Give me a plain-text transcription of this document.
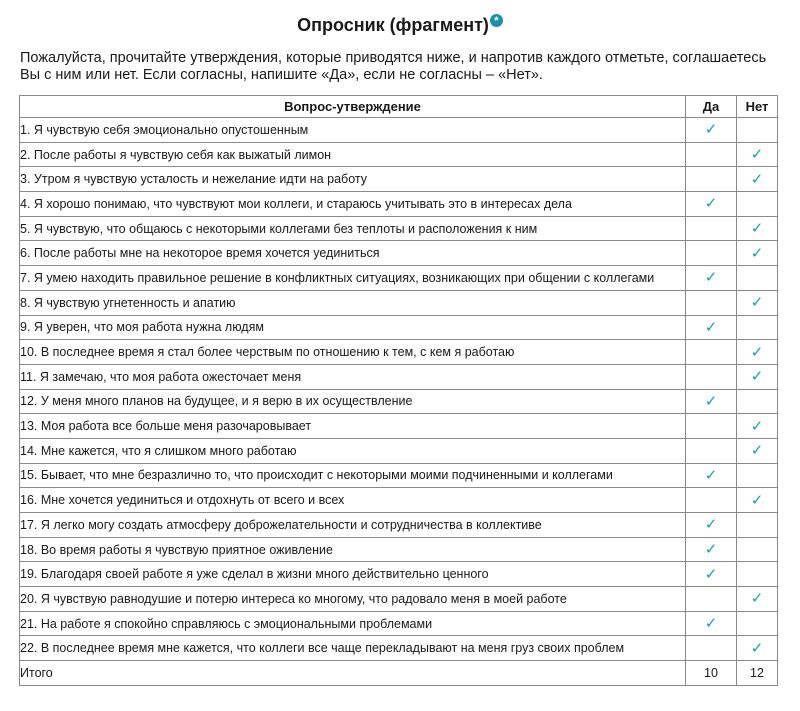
Опросник (фрагмент) *
Пожалуйста, прочитайте утверждения, которые приводятся ниже, и напротив каждого отметьте, соглашаетесь Вы с ним или нет. Если согласны, напишите «Да», если не согласны – «Нет».
Вопрос-утверждение	Да	Нет
1. Я чувствую себя эмоционально опустошенным	✓	
2. После работы я чувствую себя как выжатый лимон		✓
3. Утром я чувствую усталость и нежелание идти на работу		✓
4. Я хорошо понимаю, что чувствуют мои коллеги, и стараюсь учитывать это в интересах дела	✓	
5. Я чувствую, что общаюсь с некоторыми коллегами без теплоты и расположения к ним		✓
6. После работы мне на некоторое время хочется уединиться		✓
7. Я умею находить правильное решение в конфликтных ситуациях, возникающих при общении с коллегами	✓	
8. Я чувствую угнетенность и апатию		✓
9. Я уверен, что моя работа нужна людям	✓	
10. В последнее время я стал более черствым по отношению к тем, с кем я работаю		✓
11. Я замечаю, что моя работа ожесточает меня		✓
12. У меня много планов на будущее, и я верю в их осуществление	✓	
13. Моя работа все больше меня разочаровывает		✓
14. Мне кажется, что я слишком много работаю		✓
15. Бывает, что мне безразлично то, что происходит с некоторыми моими подчиненными и коллегами	✓	
16. Мне хочется уединиться и отдохнуть от всего и всех		✓
17. Я легко могу создать атмосферу доброжелательности и сотрудничества в коллективе	✓	
18. Во время работы я чувствую приятное оживление	✓	
19. Благодаря своей работе я уже сделал в жизни много действительно ценного	✓	
20. Я чувствую равнодушие и потерю интереса ко многому, что радовало меня в моей работе		✓
21. На работе я спокойно справляюсь с эмоциональными проблемами	✓	
22. В последнее время мне кажется, что коллеги все чаще перекладывают на меня груз своих проблем		✓
Итого	10	12
